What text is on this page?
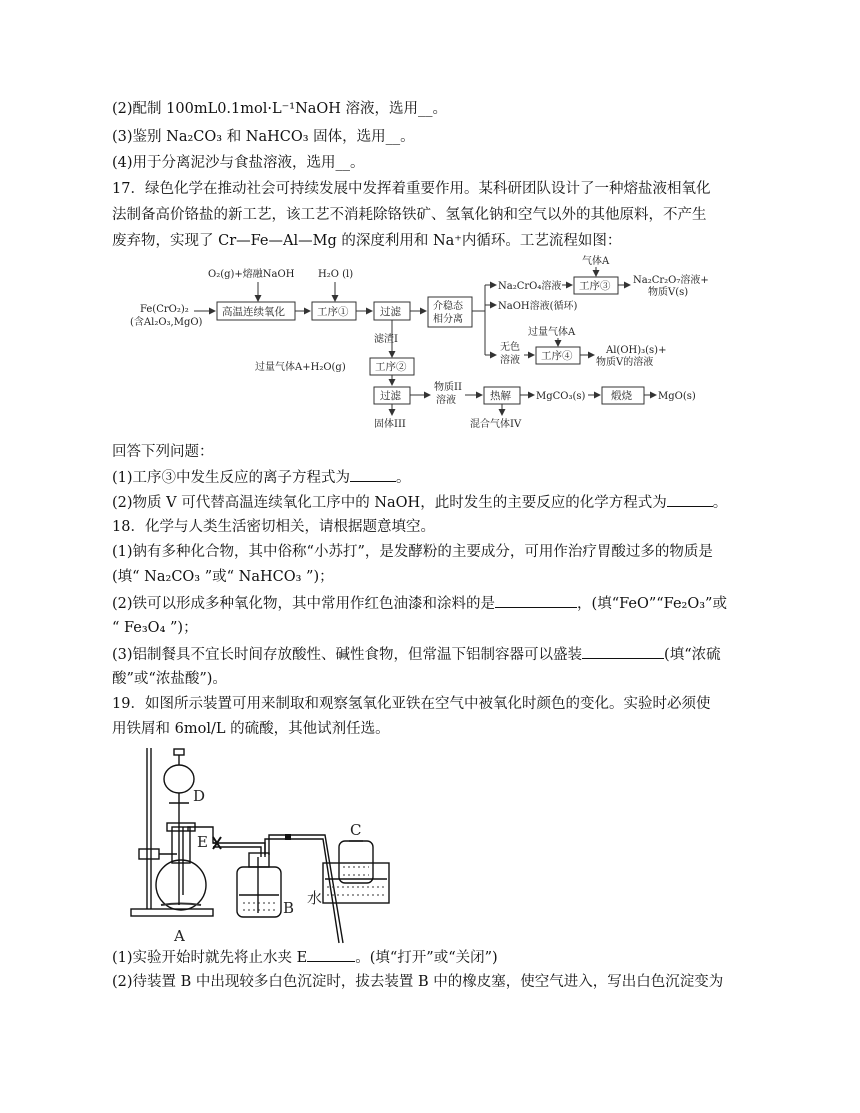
(2)配制 100mL0.1mol·L⁻¹NaOH 溶液，选用__。
(3)鉴别 Na₂CO₃ 和 NaHCO₃ 固体，选用__。
(4)用于分离泥沙与食盐溶液，选用__。
17．绿色化学在推动社会可持续发展中发挥着重要作用。某科研团队设计了一种熔盐液相氧化
法制备高价铬盐的新工艺，该工艺不消耗除铬铁矿、氢氧化钠和空气以外的其他原料，不产生
废弃物，实现了 Cr—Fe—Al—Mg 的深度利用和 Na⁺内循环。工艺流程如图：
Fe(CrO₂)₂
(含Al₂O₃,MgO)
O₂(g)+熔融NaOH
高温连续氧化
H₂O (l)
工序①	过滤	介稳态
相分离
Na₂CrO₄溶液
气体A
工序③ Na₂Cr₂O₇溶液+
物质V(s)
NaOH溶液(循环)
过量气体A
无色
溶液 工序④	Al(OH)₃(s)+
物质V的溶液
滤渣I
工序②
过量气体A+H₂O(g)
过滤
固体III
物质II
溶液	热解
混合气体IV
MgCO₃(s) 煅烧	MgO(s)
回答下列问题：
(1)工序③中发生反应的离子方程式为	。
(2)物质 V 可代替高温连续氧化工序中的 NaOH，此时发生的主要反应的化学方程式为	。
18．化学与人类生活密切相关，请根据题意填空。
(1)钠有多种化合物，其中俗称“小苏打”，是发酵粉的主要成分，可用作治疗胃酸过多的物质是
(填“ Na₂CO₃ ”或“ NaHCO₃ ”)；
(2)铁可以形成多种氧化物，其中常用作红色油漆和涂料的是	，(填“FeO”“Fe₂O₃”或
“ Fe₃O₄ ”)；
(3)铝制餐具不宜长时间存放酸性、碱性食物，但常温下铝制容器可以盛装	(填“浓硫
酸”或“浓盐酸”)。
19．如图所示装置可用来制取和观察氢氧化亚铁在空气中被氧化时颜色的变化。实验时必须使
用铁屑和 6mol/L 的硫酸，其他试剂任选。
D
E
A
B
C
水
(1)实验开始时就先将止水夹 E	。(填“打开”或“关闭”)
(2)待装置 B 中出现较多白色沉淀时，拔去装置 B 中的橡皮塞，使空气进入，写出白色沉淀变为
